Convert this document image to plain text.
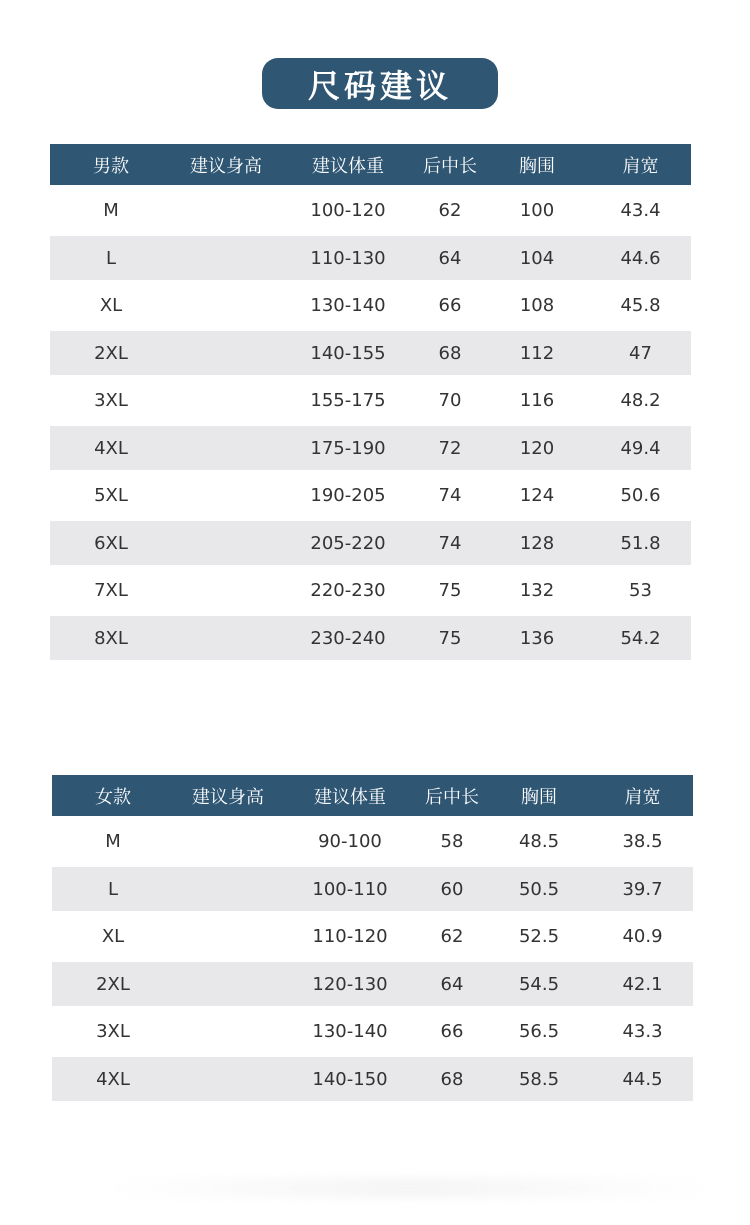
尺码建议
男款	建议身高	建议体重	后中长	胸围	肩宽
M		100-120	62	100	43.4
L		110-130	64	104	44.6
XL		130-140	66	108	45.8
2XL		140-155	68	112	47
3XL		155-175	70	116	48.2
4XL		175-190	72	120	49.4
5XL		190-205	74	124	50.6
6XL		205-220	74	128	51.8
7XL		220-230	75	132	53
8XL		230-240	75	136	54.2
女款	建议身高	建议体重	后中长	胸围	肩宽
M		90-100	58	48.5	38.5
L		100-110	60	50.5	39.7
XL		110-120	62	52.5	40.9
2XL		120-130	64	54.5	42.1
3XL		130-140	66	56.5	43.3
4XL		140-150	68	58.5	44.5
